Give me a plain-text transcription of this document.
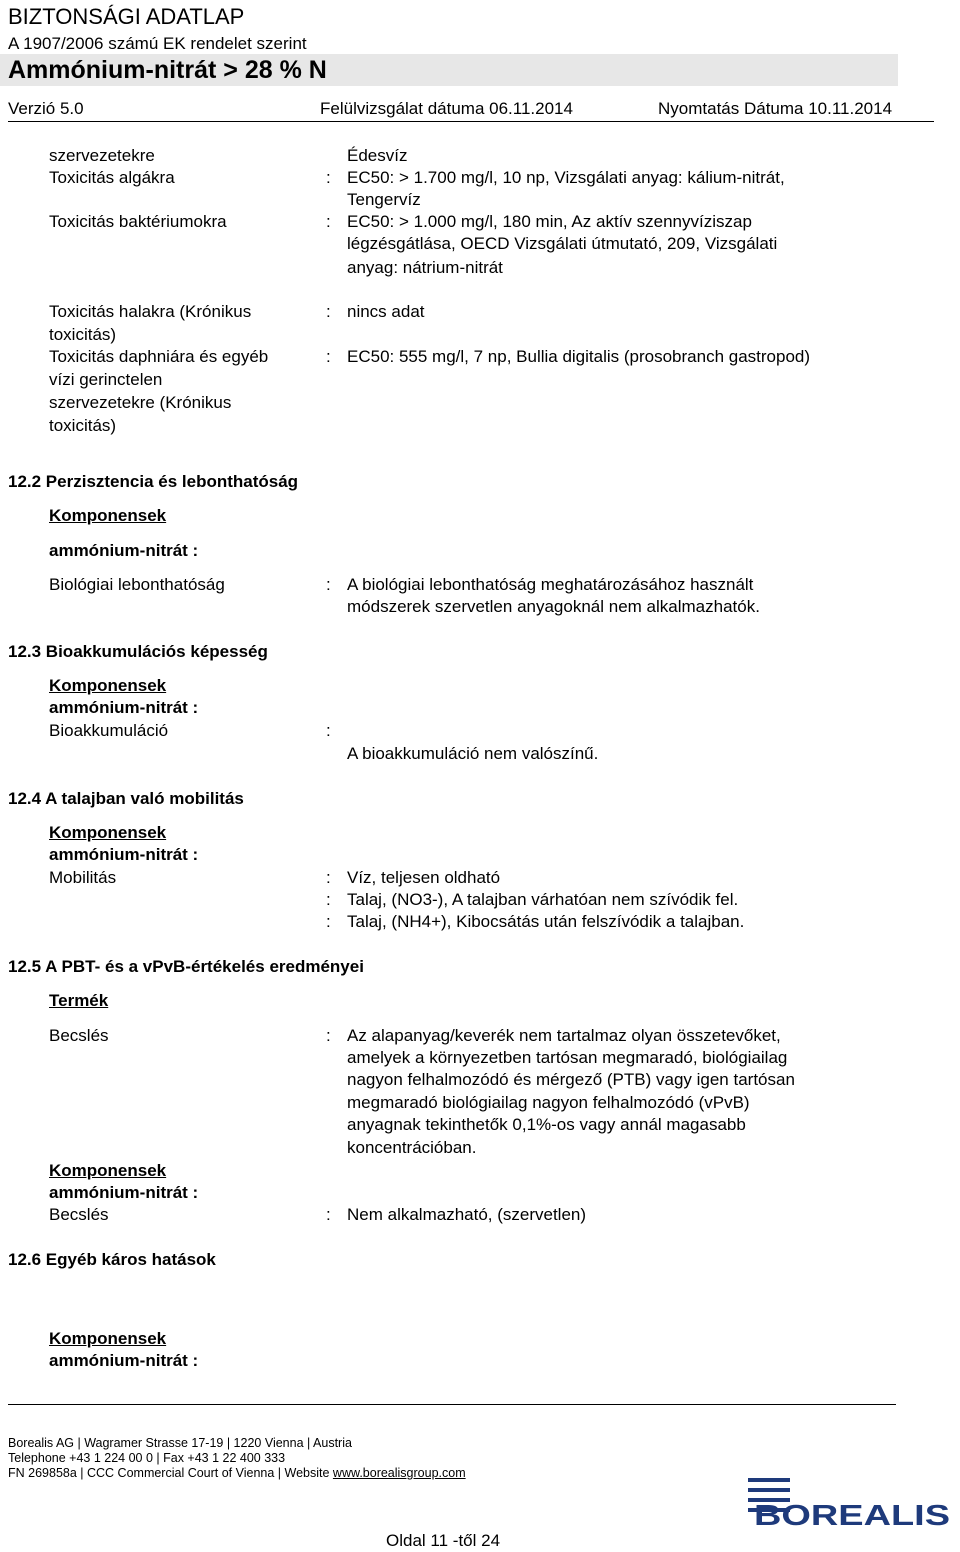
BIZTONSÁGI ADATLAP
A 1907/2006 számú EK rendelet szerint
Ammónium-nitrát > 28 % N
Verzió 5.0	Felülvizsgálat dátuma 06.11.2014	Nyomtatás Dátuma 10.11.2014
szervezetekre	Édesvíz
Toxicitás algákra	: EC50: > 1.700 mg/l, 10 np, Vizsgálati anyag: kálium-nitrát,
Tengervíz
Toxicitás baktériumokra	: EC50: > 1.000 mg/l, 180 min, Az aktív szennyvíziszap
légzésgátlása, OECD Vizsgálati útmutató, 209, Vizsgálati
anyag: nátrium-nitrát
Toxicitás halakra (Krónikus
toxicitás)
: nincs adat
Toxicitás daphniára és egyéb
vízi gerinctelen
szervezetekre (Krónikus
toxicitás)
: EC50: 555 mg/l, 7 np, Bullia digitalis (prosobranch gastropod)
12.2 Perzisztencia és lebonthatóság
Komponensek
ammónium-nitrát :
Biológiai lebonthatóság	: A biológiai lebonthatóság meghatározásához használt
módszerek szervetlen anyagoknál nem alkalmazhatók.
12.3 Bioakkumulációs képesség
Komponensek
ammónium-nitrát :
Bioakkumuláció	:
A bioakkumuláció nem valószínű.
12.4 A talajban való mobilitás
Komponensek
ammónium-nitrát :
Mobilitás	: Víz, teljesen oldható
: Talaj, (NO3-), A talajban várhatóan nem szívódik fel.
: Talaj, (NH4+), Kibocsátás után felszívódik a talajban.
12.5 A PBT- és a vPvB-értékelés eredményei
Termék
Becslés	: Az alapanyag/keverék nem tartalmaz olyan összetevőket,
amelyek a környezetben tartósan megmaradó, biológiailag
nagyon felhalmozódó és mérgező (PTB) vagy igen tartósan
megmaradó biológiailag nagyon felhalmozódó (vPvB)
anyagnak tekinthetők 0,1%-os vagy annál magasabb
koncentrációban.
Komponensek
ammónium-nitrát :
Becslés	: Nem alkalmazható, (szervetlen)
12.6 Egyéb káros hatások
Komponensek
ammónium-nitrát :
Borealis AG | Wagramer Strasse 17-19 | 1220 Vienna | Austria
Telephone +43 1 224 00 0 | Fax +43 1 22 400 333
FN 269858a | CCC Commercial Court of Vienna | Website www.borealisgroup.com
BOREALIS
Oldal 11 -től 24
